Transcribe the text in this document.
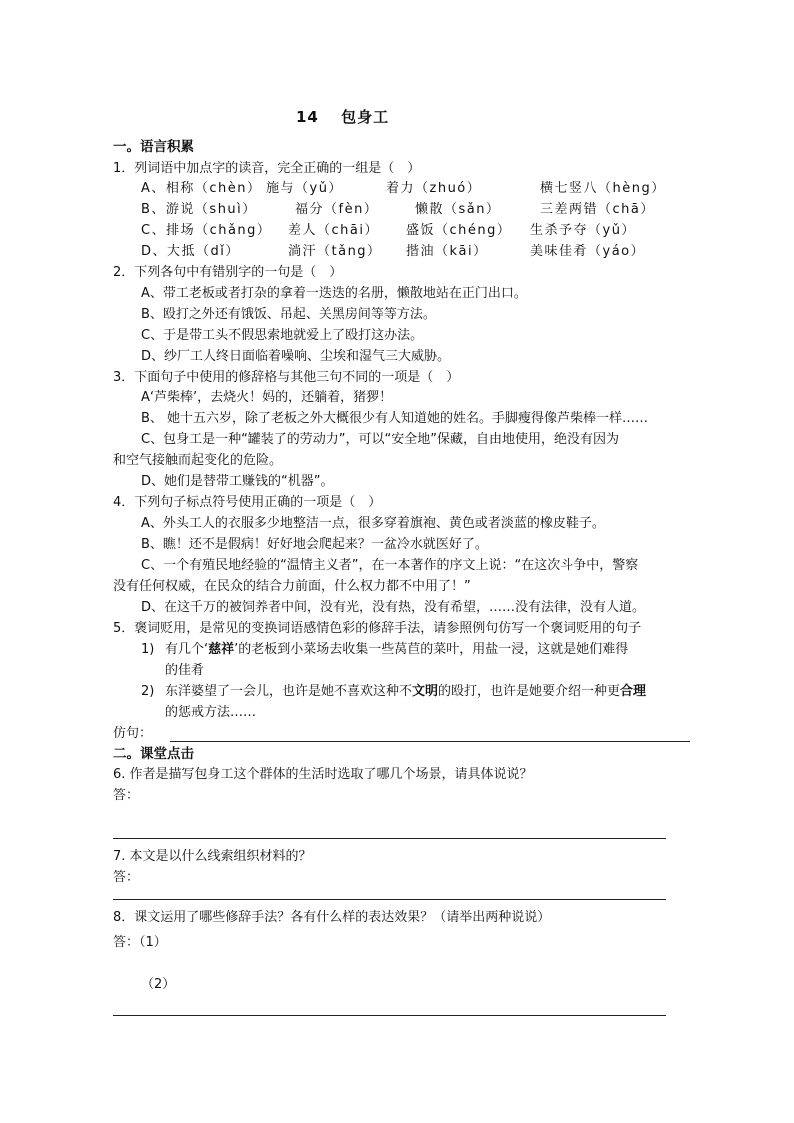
14　 包身工
一。语言积累
1．列词语中加点字的读音，完全正确的一组是（　）
A、相称（chèn） 施与（yǔ）	着力（zhuó）	横七竖八（hèng）
B、游说（shuì）	福分（fèn）	懒散（sǎn）	三差两错（chā）
C、排场（chǎng） 差人（chāi） 盛饭（chéng） 生杀予夺（yǔ）
D、大抵（dǐ）	淌汗（tǎng） 揩油（kāi）	美味佳肴（yáo）
2．下列各句中有错别字的一句是（　）
A、带工老板或者打杂的拿着一迭迭的名册，懒散地站在正门出口。
B、殴打之外还有饿饭、吊起、关黑房间等等方法。
C、于是带工头不假思索地就爱上了殴打这办法。
D、纱厂工人终日面临着噪响、尘埃和湿气三大威胁。
3．下面句子中使用的修辞格与其他三句不同的一项是（　）
A‘芦柴棒’，去烧火！妈的，还躺着，猪猡！
B、 她十五六岁，除了老板之外大概很少有人知道她的姓名。手脚瘦得像芦柴棒一样……
C、包身工是一种“罐装了的劳动力”，可以“安全地”保藏，自由地使用，绝没有因为
和空气接触而起变化的危险。
D、她们是替带工赚钱的“机器”。
4．下列句子标点符号使用正确的一项是（　）
A、外头工人的衣服多少地整洁一点，很多穿着旗袍、黄色或者淡蓝的橡皮鞋子。
B、瞧！还不是假病！好好地会爬起来？一盆冷水就医好了。
C、一个有殖民地经验的“温情主义者”，在一本著作的序文上说：“在这次斗争中，警察
没有任何权威，在民众的结合力前面，什么权力都不中用了！”
D、在这千万的被饲养者中间，没有光，没有热，没有希望，……没有法律，没有人道。
5．褒词贬用，是常见的变换词语感情色彩的修辞手法，请参照例句仿写一个褒词贬用的句子
1) 有几个‘慈祥’的老板到小菜场去收集一些莴苣的菜叶，用盐一浸，这就是她们难得
的佳肴
2) 东洋婆望了一会儿，也许是她不喜欢这种不文明的殴打，也许是她要介绍一种更合理
的惩戒方法……
仿句：
二。课堂点击
6. 作者是描写包身工这个群体的生活时选取了哪几个场景，请具体说说？
答：
7. 本文是以什么线索组织材料的？
答：
8．课文运用了哪些修辞手法？各有什么样的表达效果？（请举出两种说说）
答：（1）
（2）
